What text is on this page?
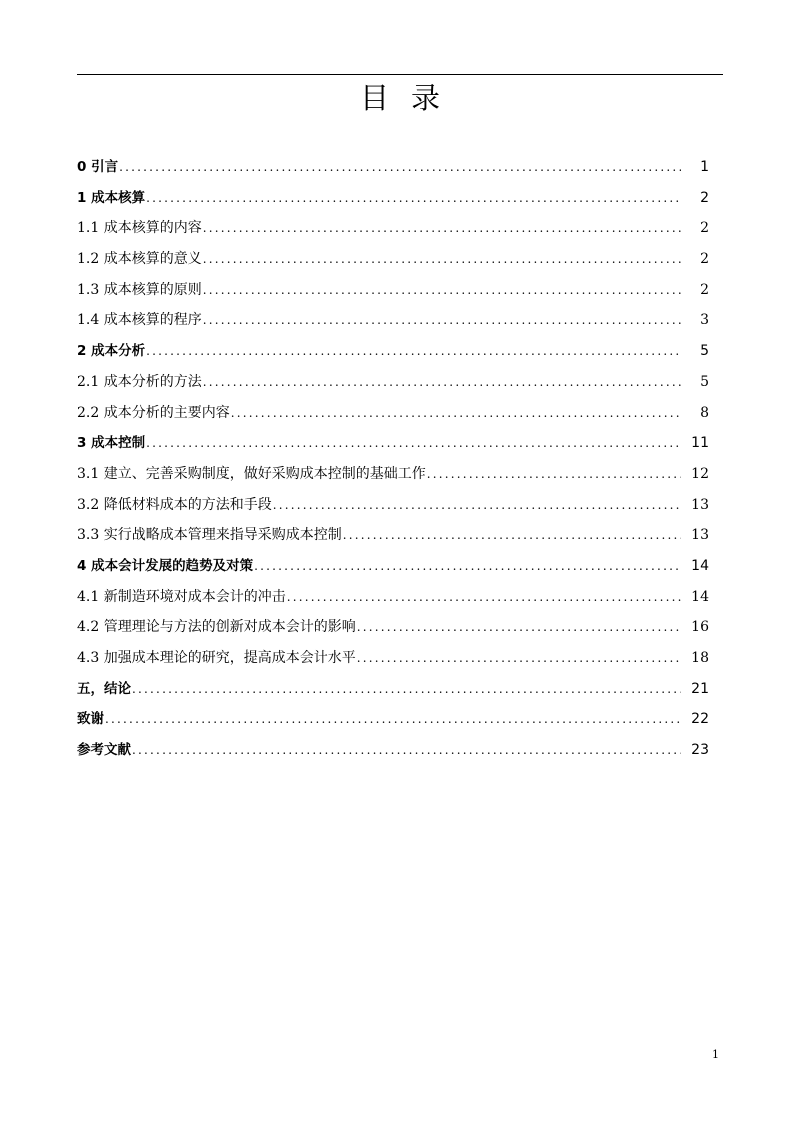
目录
0 引言 .....	1
1 成本核算 .....	2
1.1 成本核算的内容 .....	2
1.2 成本核算的意义 .....	2
1.3 成本核算的原则 .....	2
1.4 成本核算的程序 .....	3
2 成本分析 .....	5
2.1 成本分析的方法 .....	5
2.2 成本分析的主要内容 .....	8
3 成本控制 .....	11
3.1 建立、完善采购制度，做好采购成本控制的基础工作 .....	12
3.2 降低材料成本的方法和手段 .....	13
3.3 实行战略成本管理来指导采购成本控制 .....	13
4 成本会计发展的趋势及对策 .....	14
4.1 新制造环境对成本会计的冲击 .....	14
4.2 管理理论与方法的创新对成本会计的影响 .....	16
4.3 加强成本理论的研究，提高成本会计水平 .....	18
五，结论 .....	21
致谢 .....	22
参考文献 .....	23
1
